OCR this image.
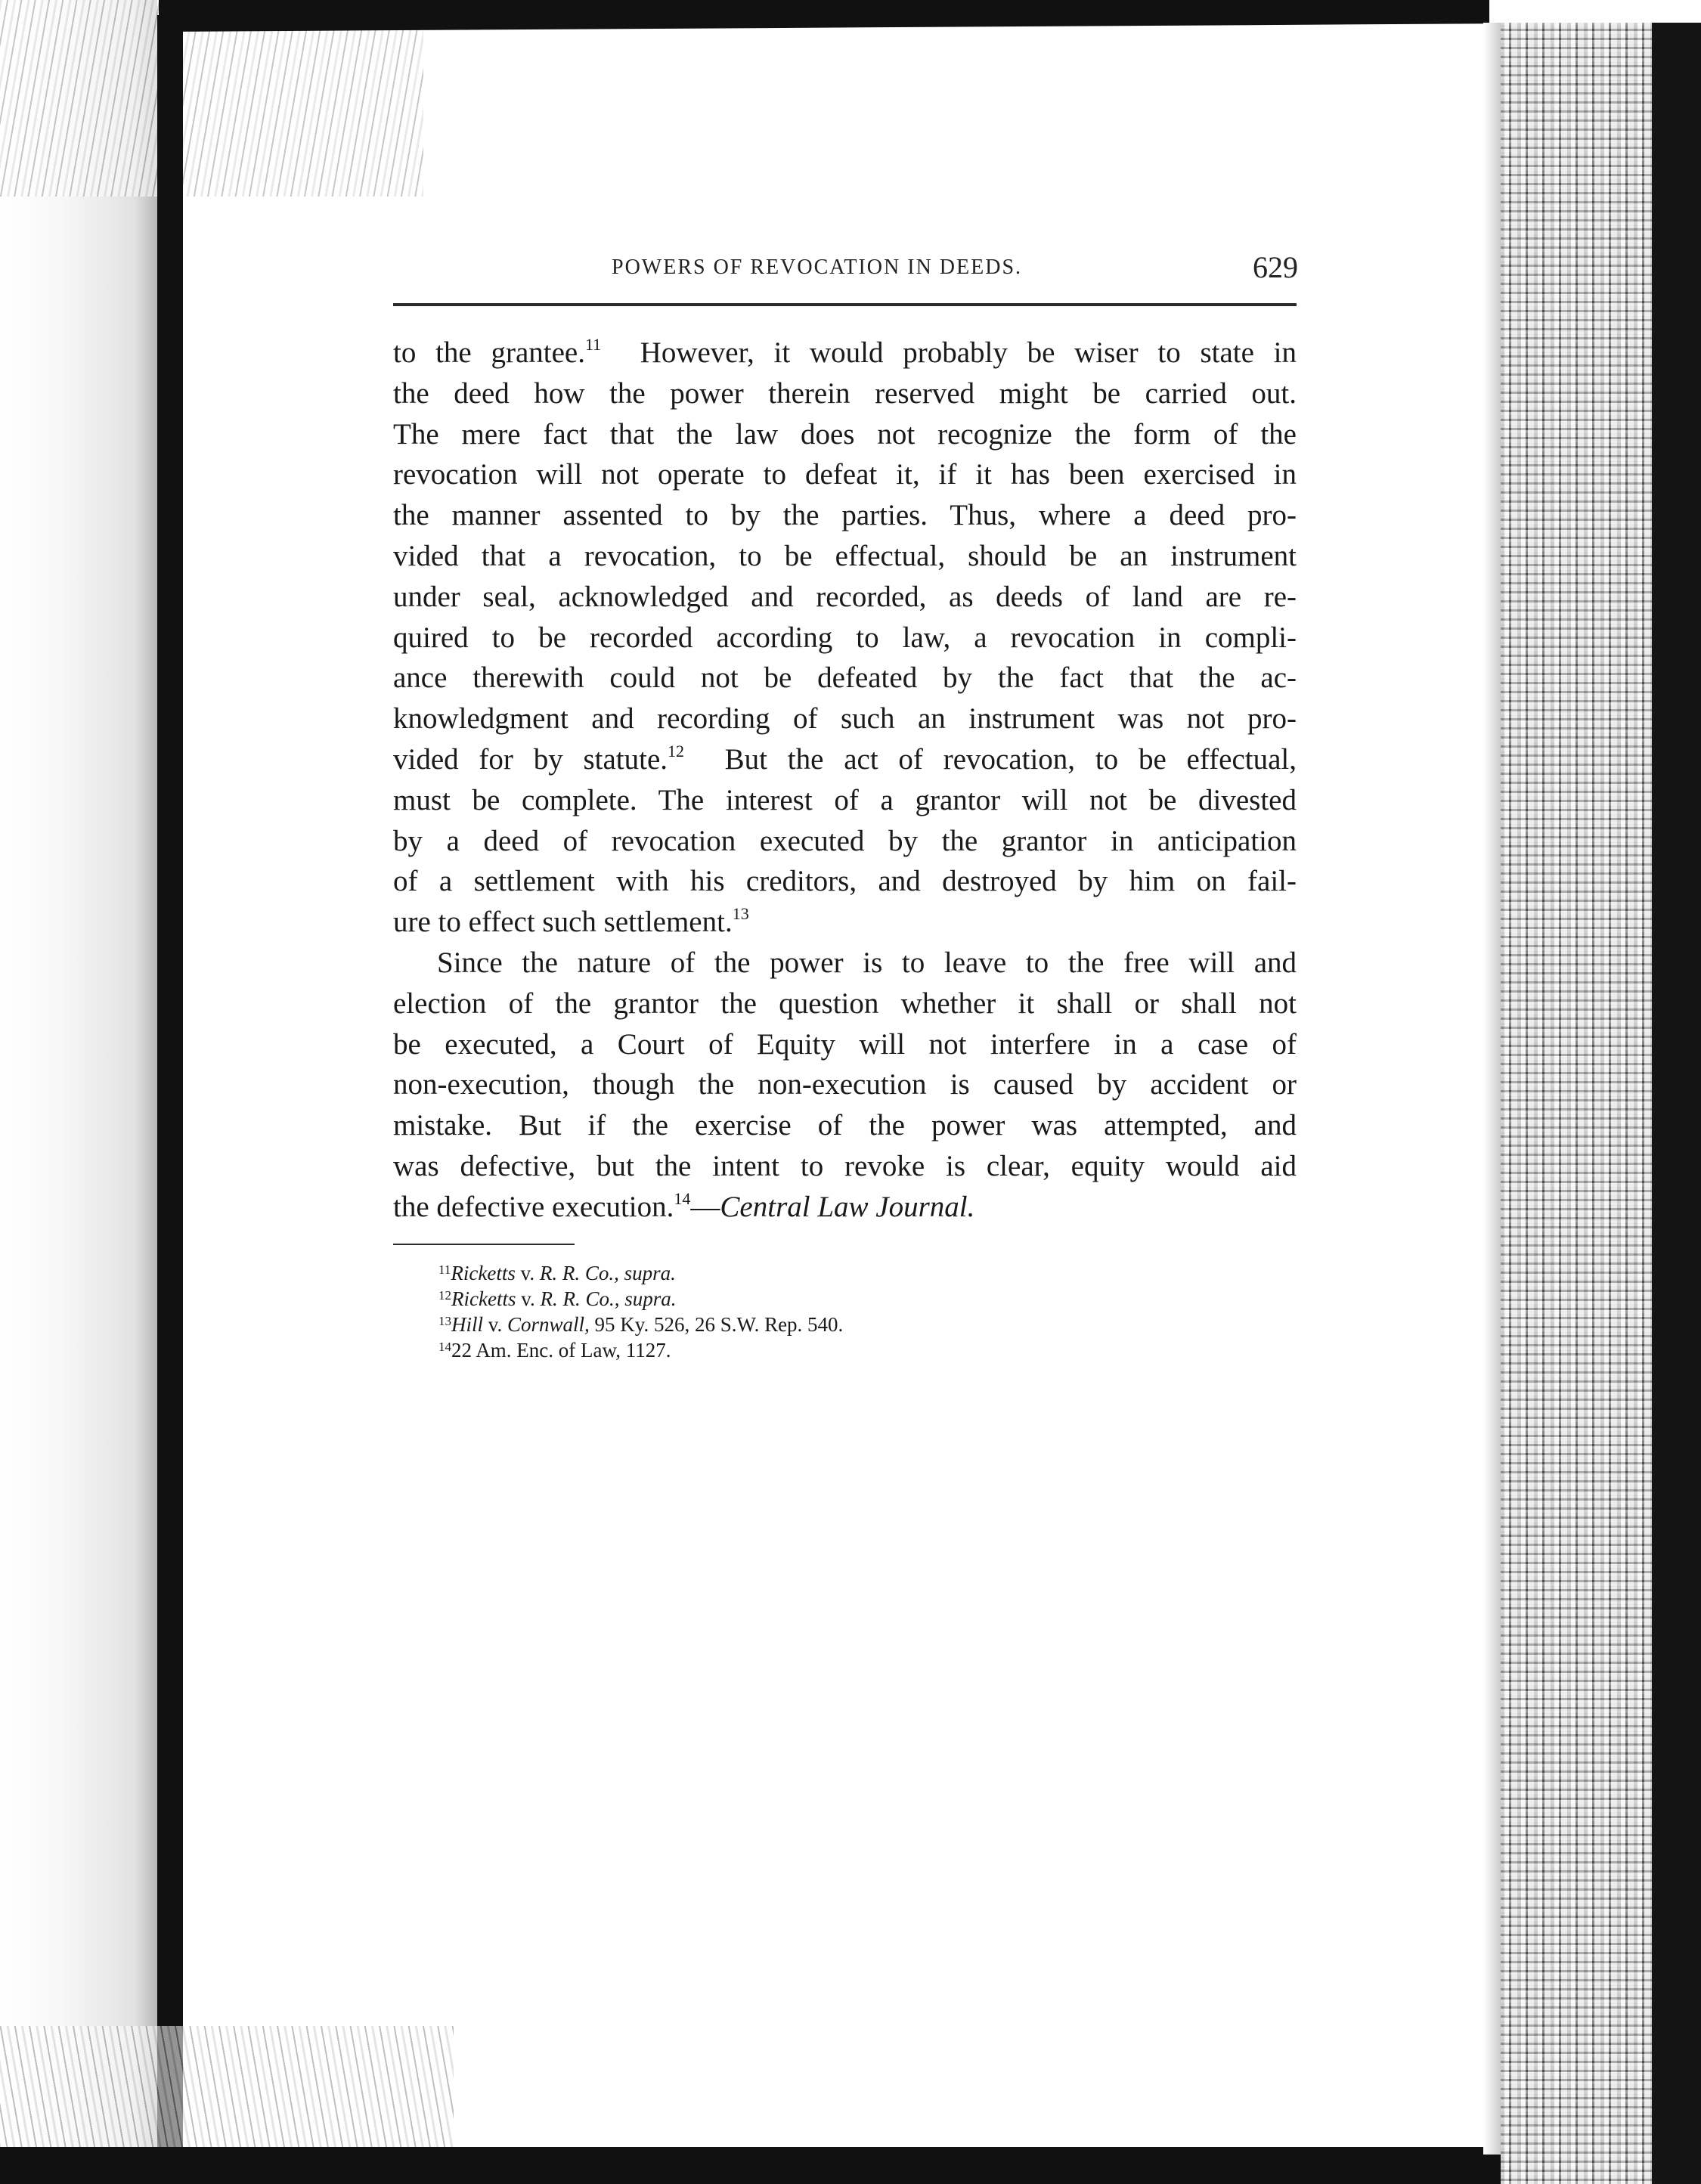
POWERS OF REVOCATION IN DEEDS.	629
to the grantee.$^{11}$ However, it would probably be wiser to state in
the deed how the power therein reserved might be carried out.
The mere fact that the law does not recognize the form of the
revocation will not operate to defeat it, if it has been exercised in
the manner assented to by the parties. Thus, where a deed pro-
vided that a revocation, to be effectual, should be an instrument
under seal, acknowledged and recorded, as deeds of land are re-
quired to be recorded according to law, a revocation in compli-
ance therewith could not be defeated by the fact that the ac-
knowledgment and recording of such an instrument was not pro-
vided for by statute.$^{12}$ But the act of revocation, to be effectual,
must be complete. The interest of a grantor will not be divested
by a deed of revocation executed by the grantor in anticipation
of a settlement with his creditors, and destroyed by him on fail-
ure to effect such settlement.$^{13}$
Since the nature of the power is to leave to the free will and
election of the grantor the question whether it shall or shall not
be executed, a Court of Equity will not interfere in a case of
non-execution, though the non-execution is caused by accident or
mistake. But if the exercise of the power was attempted, and
was defective, but the intent to revoke is clear, equity would aid
the defective execution.$^{14}$—Central Law Journal.
$^{11}$Ricketts v. R. R. Co., supra.
$^{12}$Ricketts v. R. R. Co., supra.
$^{13}$Hill v. Cornwall, 95 Ky. 526, 26 S.W. Rep. 540.
$^{14}$22 Am. Enc. of Law, 1127.
